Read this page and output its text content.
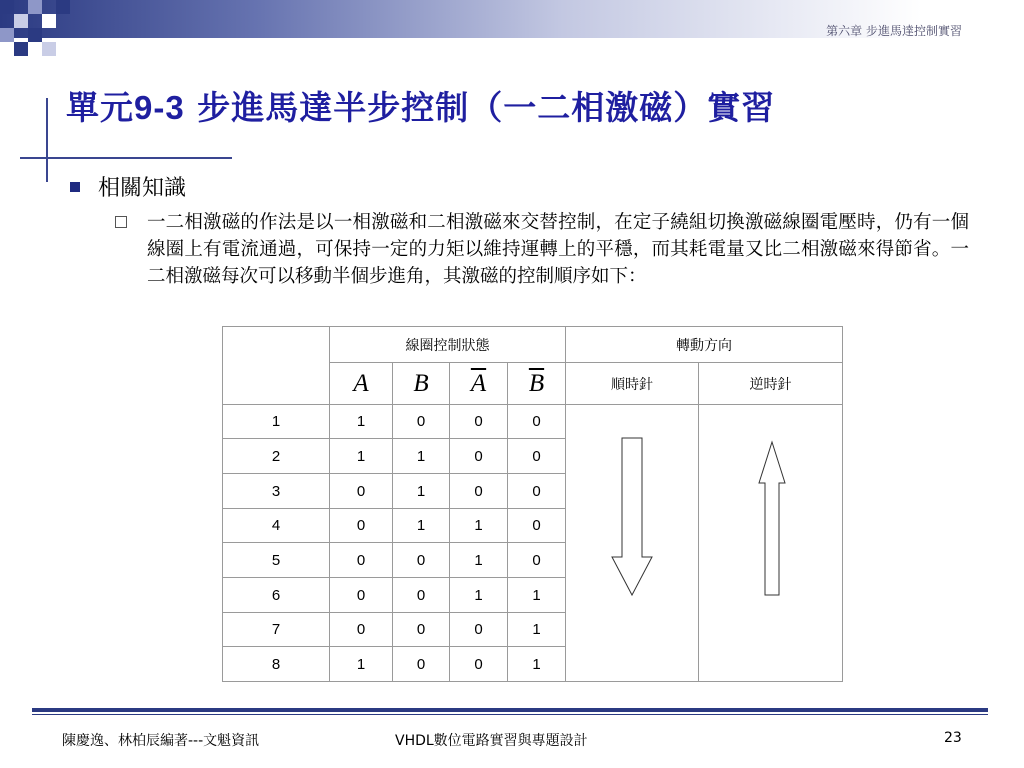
第六章 步進馬達控制實習
單元9-3 步進馬達半步控制（一二相激磁）實習
相關知識
一二相激磁的作法是以一相激磁和二相激磁來交替控制，在定子繞組切換激磁線圈電壓時，仍有一個線圈上有電流通過，可保持一定的力矩以維持運轉上的平穩，而其耗電量又比二相激磁來得節省。一二相激磁每次可以移動半個步進角，其激磁的控制順序如下：
	線圈控制狀態				轉動方向	
	A	B	$\overline{A}$	$\overline{B}$	順時針	逆時針
1	1	0	0	0	

2	1	1	0	0		
3	0	1	0	0		
4	0	1	1	0		
5	0	0	1	0		
6	0	0	1	1		
7	0	0	0	1		
8	1	0	0	1		
陳慶逸、林柏辰編著---文魁資訊	VHDL數位電路實習與專題設計	23
